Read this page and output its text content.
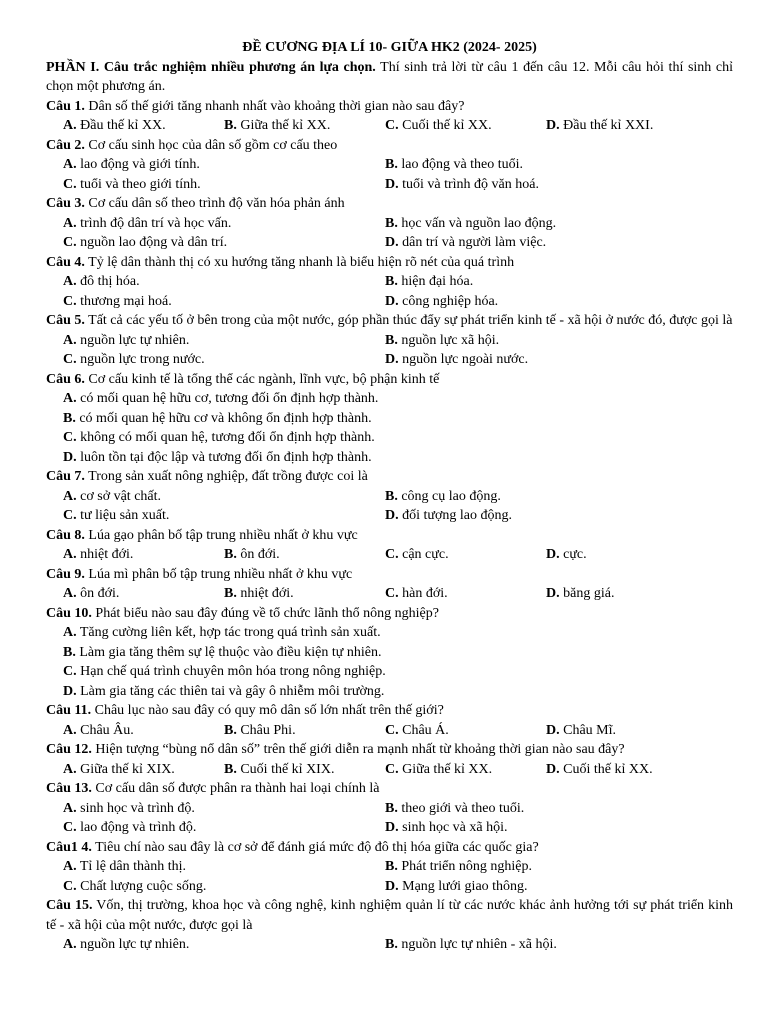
ĐỀ CƯƠNG ĐỊA LÍ 10- GIỮA HK2 (2024- 2025)
PHẦN I. Câu trắc nghiệm nhiều phương án lựa chọn. Thí sinh trả lời từ câu 1 đến câu 12. Mỗi câu hỏi thí sinh chỉ chọn một phương án.
Câu 1. Dân số thế giới tăng nhanh nhất vào khoảng thời gian nào sau đây?
A. Đầu thế kỉ XX.	B. Giữa thế kỉ XX.	C. Cuối thế kỉ XX.	D. Đầu thế kỉ XXI.
Câu 2. Cơ cấu sinh học của dân số gồm cơ cấu theo
A. lao động và giới tính.	B. lao động và theo tuổi.
C. tuổi và theo giới tính.	D. tuổi và trình độ văn hoá.
Câu 3. Cơ cấu dân số theo trình độ văn hóa phản ánh
A. trình độ dân trí và học vấn.	B. học vấn và nguồn lao động.
C. nguồn lao động và dân trí.	D. dân trí và người làm việc.
Câu 4. Tỷ lệ dân thành thị có xu hướng tăng nhanh là biểu hiện rõ nét của quá trình
A. đô thị hóa.	B. hiện đại hóa.
C. thương mại hoá.	D. công nghiệp hóa.
Câu 5. Tất cả các yếu tố ở bên trong của một nước, góp phần thúc đẩy sự phát triển kinh tế - xã hội ở nước đó, được gọi là
A. nguồn lực tự nhiên.	B. nguồn lực xã hội.
C. nguồn lực trong nước.	D. nguồn lực ngoài nước.
Câu 6. Cơ cấu kinh tế là tổng thể các ngành, lĩnh vực, bộ phận kinh tế
A. có mối quan hệ hữu cơ, tương đối ổn định hợp thành.
B. có mối quan hệ hữu cơ và không ổn định hợp thành.
C. không có mối quan hệ, tương đối ổn định hợp thành.
D. luôn tồn tại độc lập và tương đối ổn định hợp thành.
Câu 7. Trong sản xuất nông nghiệp, đất trồng được coi là
A. cơ sở vật chất.	B. công cụ lao động.
C. tư liệu sản xuất.	D. đối tượng lao động.
Câu 8. Lúa gạo phân bố tập trung nhiều nhất ở khu vực
A. nhiệt đới.	B. ôn đới.	C. cận cực.	D. cực.
Câu 9. Lúa mì phân bố tập trung nhiều nhất ở khu vực
A. ôn đới.	B. nhiệt đới.	C. hàn đới.	D. băng giá.
Câu 10. Phát biểu nào sau đây đúng về tổ chức lãnh thổ nông nghiệp?
A. Tăng cường liên kết, hợp tác trong quá trình sản xuất.
B. Làm gia tăng thêm sự lệ thuộc vào điều kiện tự nhiên.
C. Hạn chế quá trình chuyên môn hóa trong nông nghiệp.
D. Làm gia tăng các thiên tai và gây ô nhiễm môi trường.
Câu 11. Châu lục nào sau đây có quy mô dân số lớn nhất trên thế giới?
A. Châu Âu.	B. Châu Phi.	C. Châu Á.	D. Châu Mĩ.
Câu 12. Hiện tượng “bùng nổ dân số” trên thế giới diễn ra mạnh nhất từ khoảng thời gian nào sau đây?
A. Giữa thế kỉ XIX.	B. Cuối thế kỉ XIX.	C. Giữa thế kỉ XX.	D. Cuối thế kỉ XX.
Câu 13. Cơ cấu dân số được phân ra thành hai loại chính là
A. sinh học và trình độ.	B. theo giới và theo tuổi.
C. lao động và trình độ.	D. sinh học và xã hội.
Câu1 4. Tiêu chí nào sau đây là cơ sở để đánh giá mức độ đô thị hóa giữa các quốc gia?
A. Tỉ lệ dân thành thị.	B. Phát triển nông nghiệp.
C. Chất lượng cuộc sống.	D. Mạng lưới giao thông.
Câu 15. Vốn, thị trường, khoa học và công nghệ, kinh nghiệm quản lí từ các nước khác ảnh hưởng tới sự phát triển kinh tế - xã hội của một nước, được gọi là
A. nguồn lực tự nhiên.	B. nguồn lực tự nhiên - xã hội.
